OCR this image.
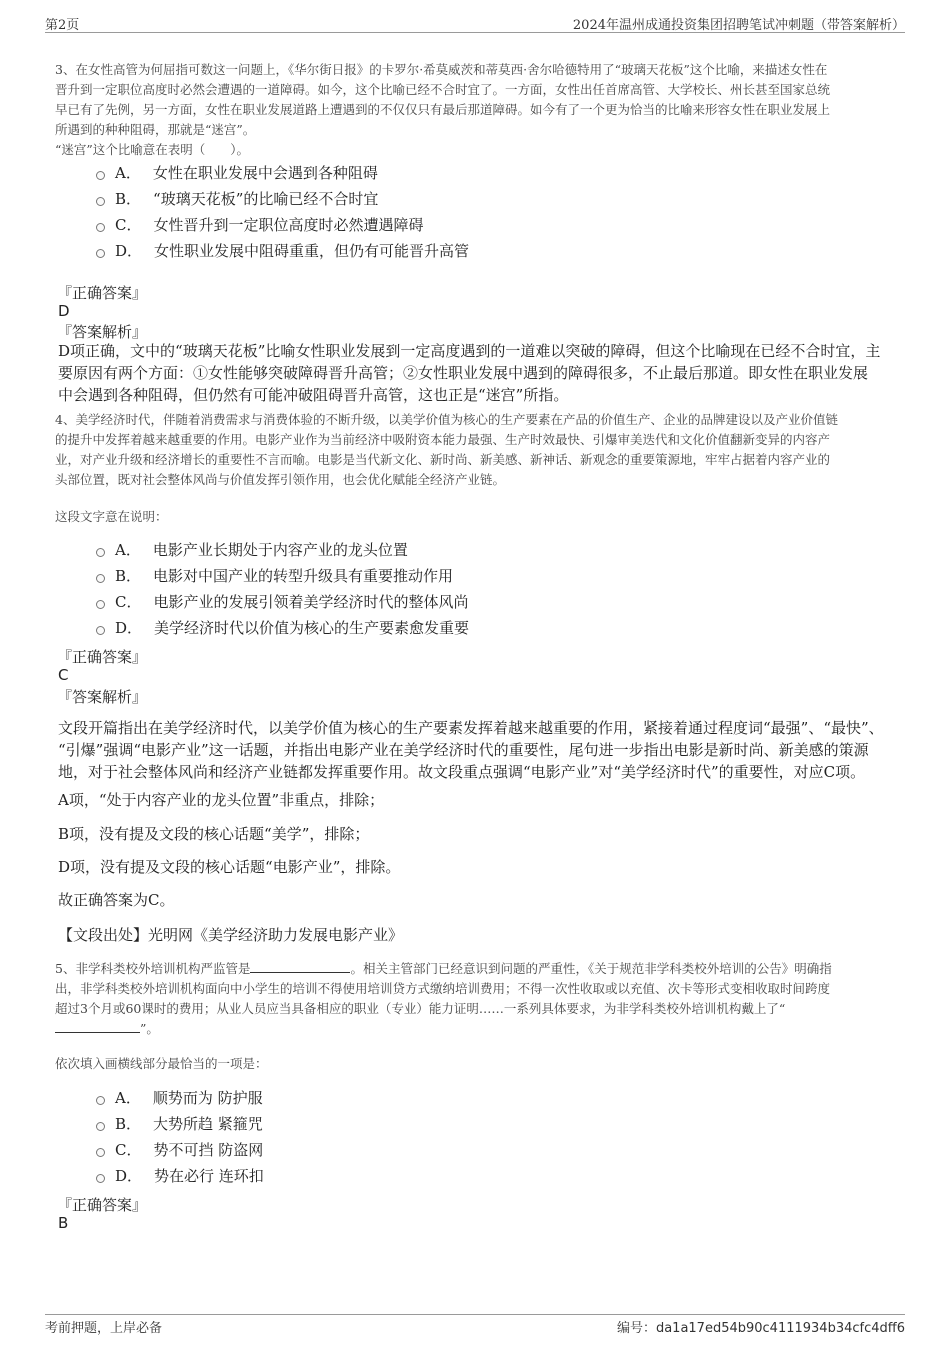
第2页	2024年温州成通投资集团招聘笔试冲刺题（带答案解析）
3、在女性高管为何屈指可数这一问题上，《华尔街日报》的卡罗尔·希莫威茨和蒂莫西·舍尔哈德特用了“玻璃天花板”这个比喻，来描述女性在
晋升到一定职位高度时必然会遭遇的一道障碍。如今，这个比喻已经不合时宜了。一方面，女性出任首席高管、大学校长、州长甚至国家总统
早已有了先例，另一方面，女性在职业发展道路上遭遇到的不仅仅只有最后那道障碍。如今有了一个更为恰当的比喻来形容女性在职业发展上
所遇到的种种阻碍，那就是“迷宫”。
“迷宫”这个比喻意在表明（　　）。
A． 女性在职业发展中会遇到各种阻碍
B． “玻璃天花板”的比喻已经不合时宜
C． 女性晋升到一定职位高度时必然遭遇障碍
D． 女性职业发展中阻碍重重，但仍有可能晋升高管
『正确答案』
D
『答案解析』
D项正确，文中的“玻璃天花板”比喻女性职业发展到一定高度遇到的一道难以突破的障碍，但这个比喻现在已经不合时宜，主
要原因有两个方面：①女性能够突破障碍晋升高管；②女性职业发展中遇到的障碍很多，不止最后那道。即女性在职业发展
中会遇到各种阻碍，但仍然有可能冲破阻碍晋升高管，这也正是“迷宫”所指。
4、美学经济时代，伴随着消费需求与消费体验的不断升级，以美学价值为核心的生产要素在产品的价值生产、企业的品牌建设以及产业价值链
的提升中发挥着越来越重要的作用。电影产业作为当前经济中吸附资本能力最强、生产时效最快、引爆审美迭代和文化价值翻新变异的内容产
业，对产业升级和经济增长的重要性不言而喻。电影是当代新文化、新时尚、新美感、新神话、新观念的重要策源地，牢牢占据着内容产业的
头部位置，既对社会整体风尚与价值发挥引领作用，也会优化赋能全经济产业链。
这段文字意在说明：
A． 电影产业长期处于内容产业的龙头位置
B． 电影对中国产业的转型升级具有重要推动作用
C． 电影产业的发展引领着美学经济时代的整体风尚
D． 美学经济时代以价值为核心的生产要素愈发重要
『正确答案』
C
『答案解析』
文段开篇指出在美学经济时代，以美学价值为核心的生产要素发挥着越来越重要的作用，紧接着通过程度词“最强”、“最快”、
“引爆”强调“电影产业”这一话题，并指出电影产业在美学经济时代的重要性，尾句进一步指出电影是新时尚、新美感的策源
地，对于社会整体风尚和经济产业链都发挥重要作用。故文段重点强调“电影产业”对“美学经济时代”的重要性，对应C项。
A项，“处于内容产业的龙头位置”非重点，排除；
B项，没有提及文段的核心话题“美学”，排除；
D项，没有提及文段的核心话题“电影产业”，排除。
故正确答案为C。
【文段出处】光明网《美学经济助力发展电影产业》
5、非学科类校外培训机构严监管是	。相关主管部门已经意识到问题的严重性，《关于规范非学科类校外培训的公告》明确指
出，非学科类校外培训机构面向中小学生的培训不得使用培训贷方式缴纳培训费用；不得一次性收取或以充值、次卡等形式变相收取时间跨度
超过3个月或60课时的费用；从业人员应当具备相应的职业（专业）能力证明……一系列具体要求，为非学科类校外培训机构戴上了“
”。
依次填入画横线部分最恰当的一项是：
A． 顺势而为 防护服
B． 大势所趋 紧箍咒
C． 势不可挡 防盗网
D． 势在必行 连环扣
『正确答案』
B
考前押题，上岸必备	编号：da1a17ed54b90c4111934b34cfc4dff6
